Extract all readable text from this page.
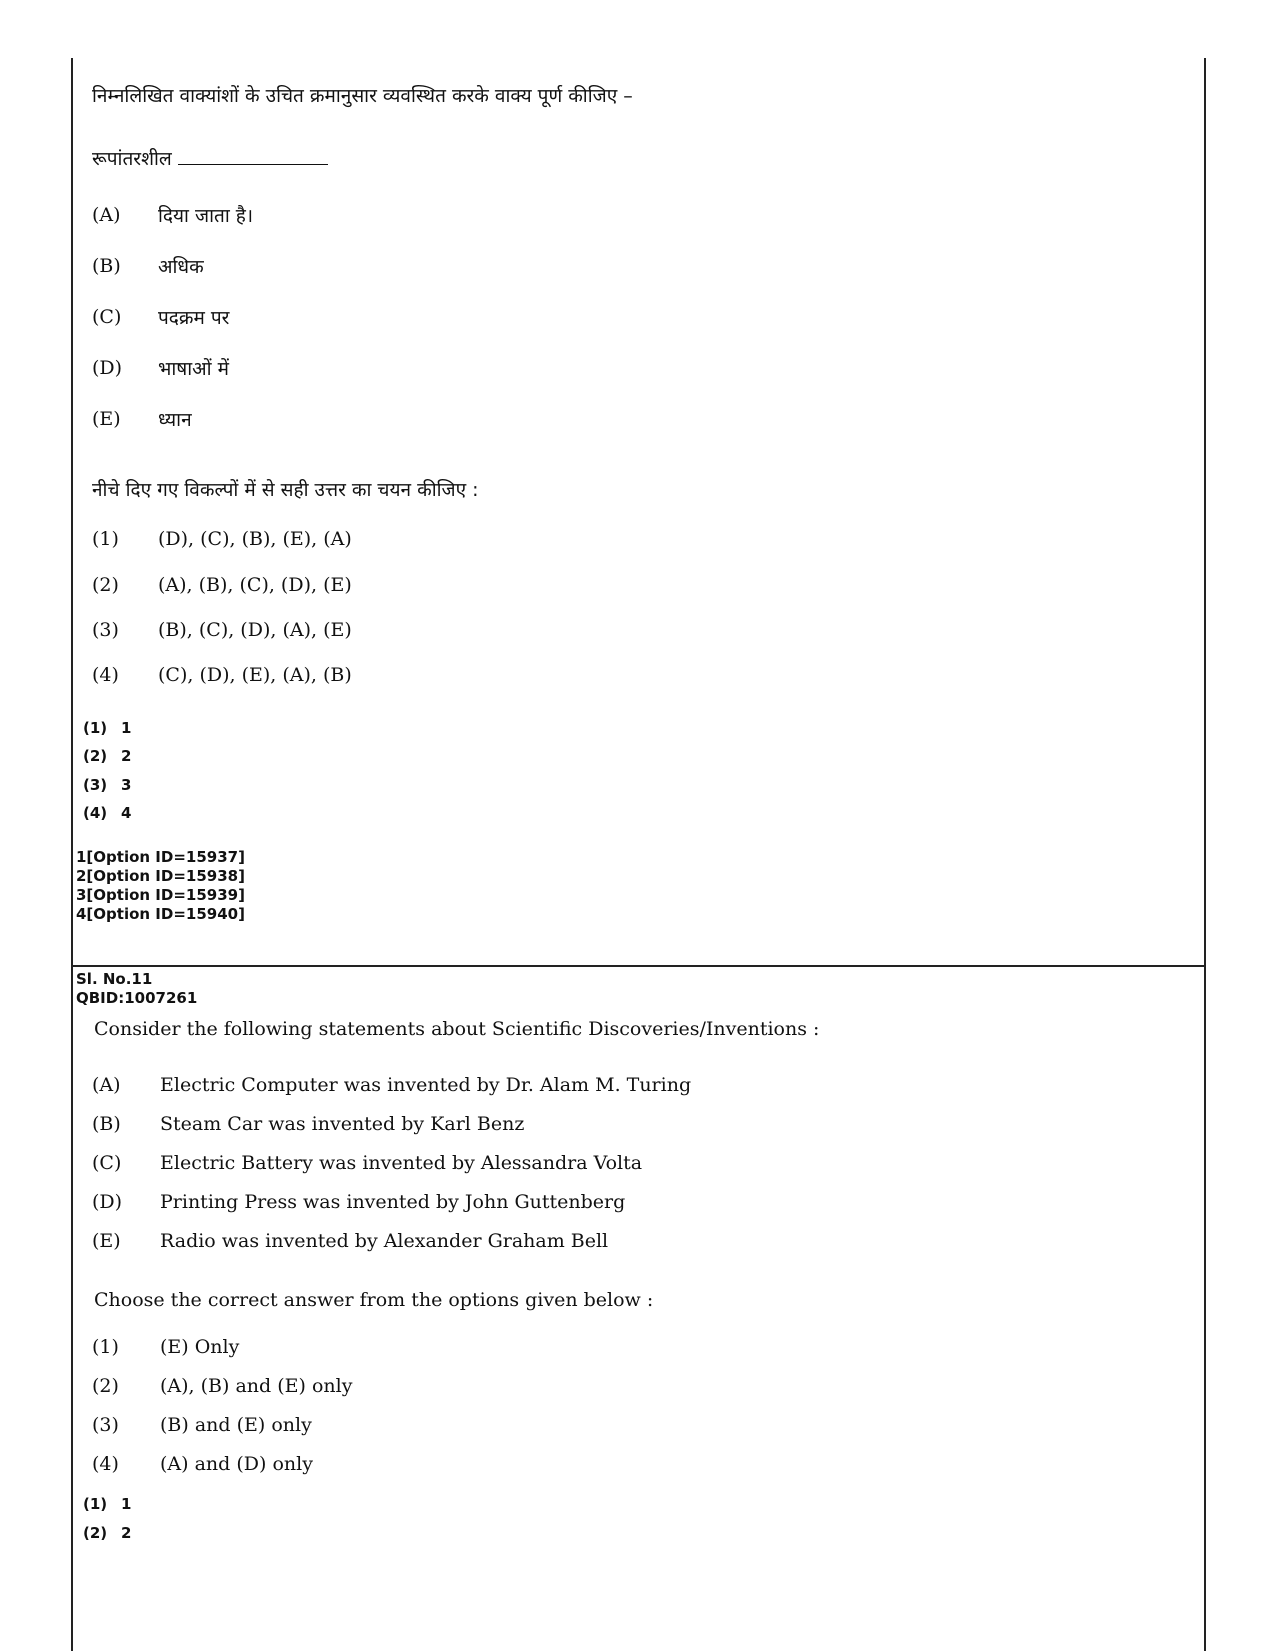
निम्नलिखित वाक्यांशों के उचित क्रमानुसार व्यवस्थित करके वाक्य पूर्ण कीजिए –
रूपांतरशील
(A) दिया जाता है।
(B) अधिक
(C) पदक्रम पर
(D) भाषाओं में
(E) ध्यान
नीचे दिए गए विकल्पों में से सही उत्तर का चयन कीजिए :
(1) (D), (C), (B), (E), (A)
(2) (A), (B), (C), (D), (E)
(3) (B), (C), (D), (A), (E)
(4) (C), (D), (E), (A), (B)
(1) 1
(2) 2
(3) 3
(4) 4
1[Option ID=15937]
2[Option ID=15938]
3[Option ID=15939]
4[Option ID=15940]
Sl. No.11
QBID:1007261
Consider the following statements about Scientific Discoveries/Inventions :
(A) Electric Computer was invented by Dr. Alam M. Turing
(B) Steam Car was invented by Karl Benz
(C) Electric Battery was invented by Alessandra Volta
(D) Printing Press was invented by John Guttenberg
(E) Radio was invented by Alexander Graham Bell
Choose the correct answer from the options given below :
(1) (E) Only
(2) (A), (B) and (E) only
(3) (B) and (E) only
(4) (A) and (D) only
(1) 1
(2) 2
